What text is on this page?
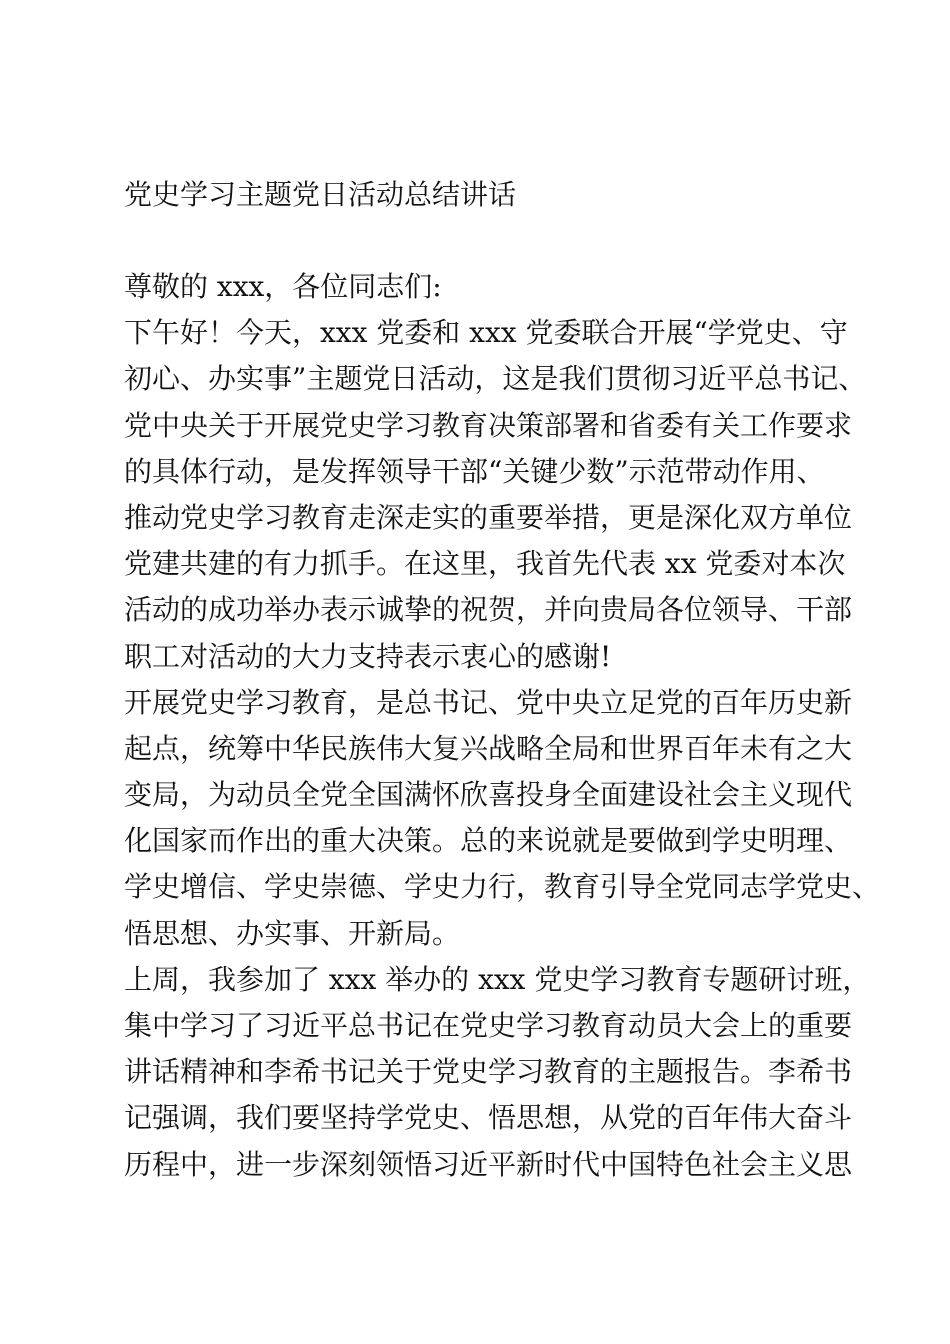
党史学习主题党日活动总结讲话
尊敬的 xxx，各位同志们:
下午好！今天，xxx 党委和 xxx 党委联合开展“学党史、守
初心、办实事”主题党日活动，这是我们贯彻习近平总书记、
党中央关于开展党史学习教育决策部署和省委有关工作要求
的具体行动，是发挥领导干部“关键少数”示范带动作用、
推动党史学习教育走深走实的重要举措，更是深化双方单位
党建共建的有力抓手。在这里，我首先代表 xx 党委对本次
活动的成功举办表示诚挚的祝贺，并向贵局各位领导、干部
职工对活动的大力支持表示衷心的感谢!
开展党史学习教育，是总书记、党中央立足党的百年历史新
起点，统筹中华民族伟大复兴战略全局和世界百年未有之大
变局，为动员全党全国满怀欣喜投身全面建设社会主义现代
化国家而作出的重大决策。总的来说就是要做到学史明理、
学史增信、学史崇德、学史力行，教育引导全党同志学党史、
悟思想、办实事、开新局。
上周，我参加了 xxx 举办的 xxx 党史学习教育专题研讨班，
集中学习了习近平总书记在党史学习教育动员大会上的重要
讲话精神和李希书记关于党史学习教育的主题报告。李希书
记强调，我们要坚持学党史、悟思想，从党的百年伟大奋斗
历程中，进一步深刻领悟习近平新时代中国特色社会主义思
